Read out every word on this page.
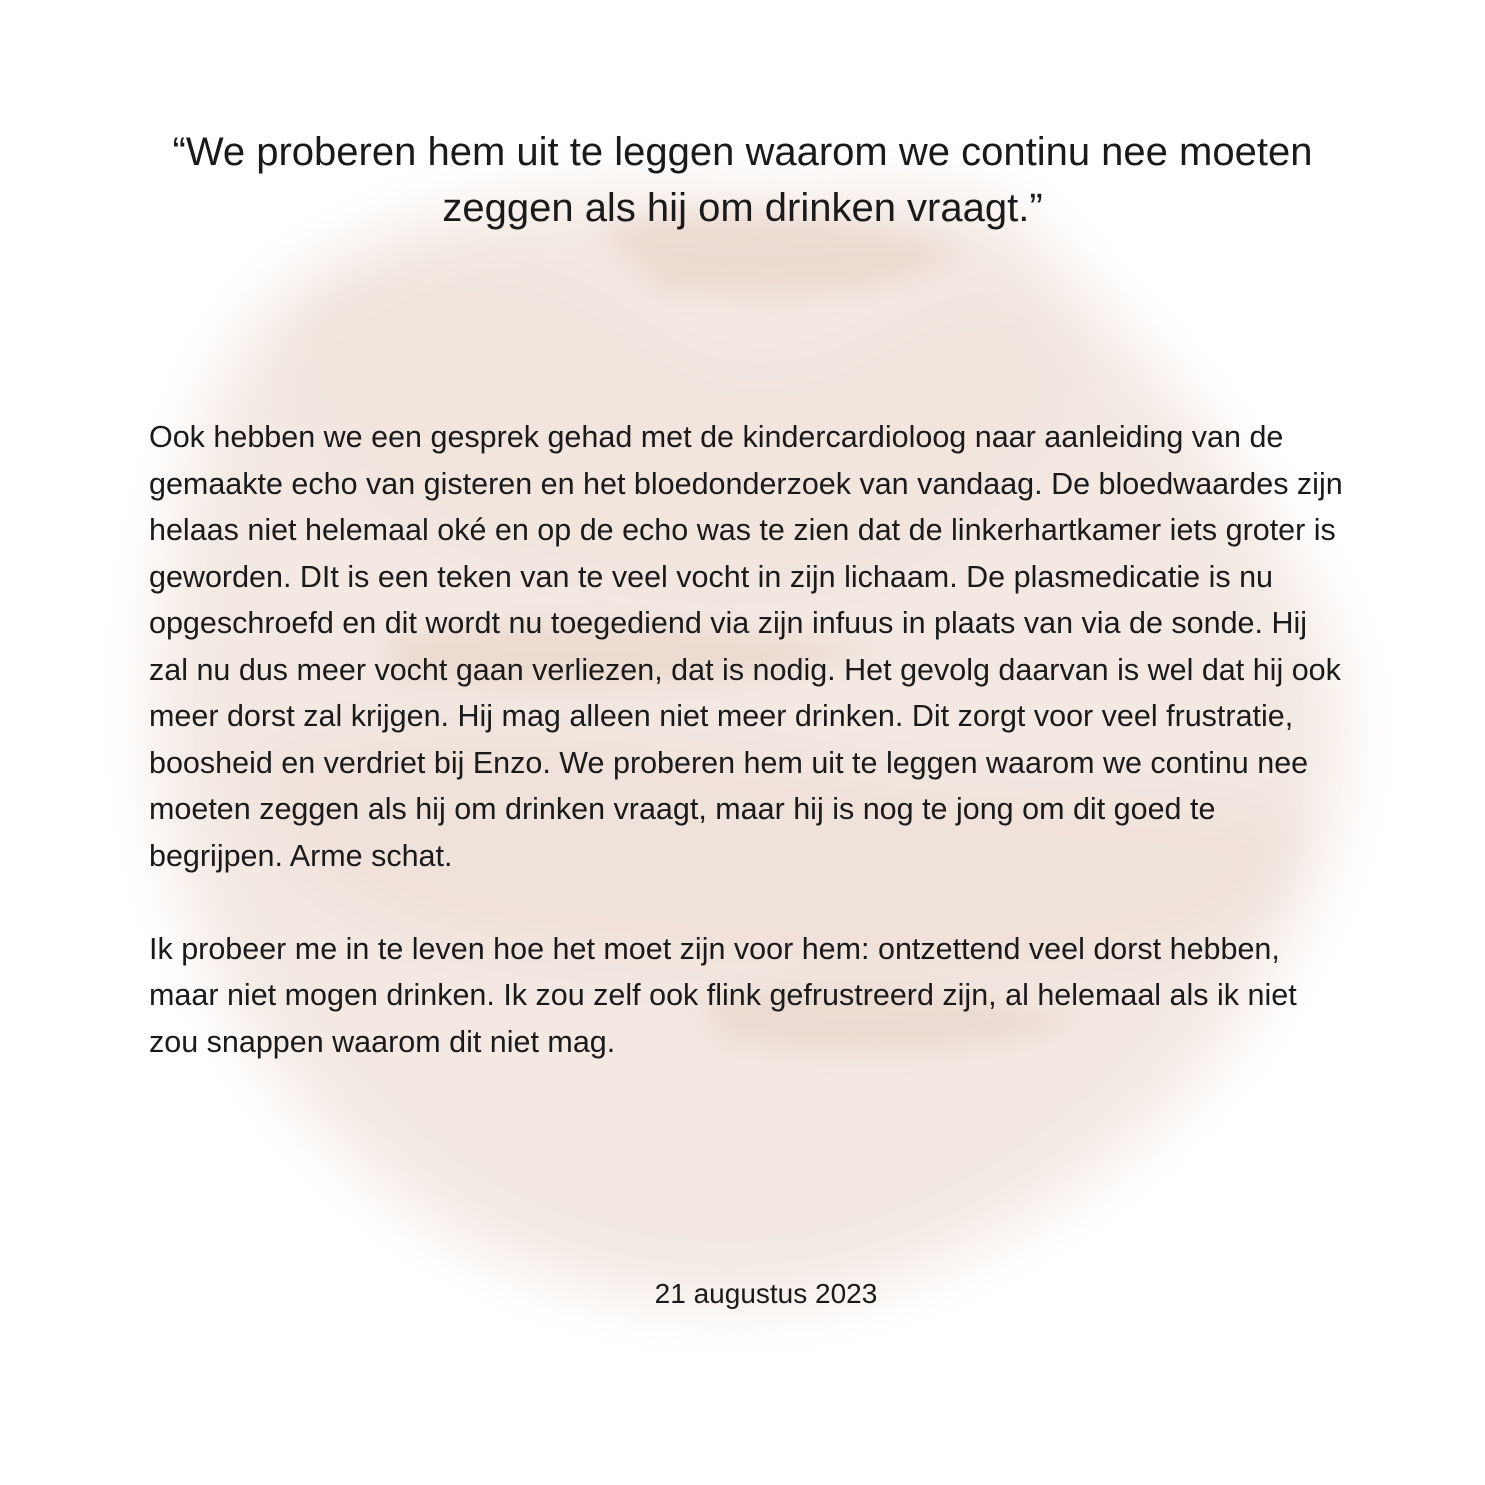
“We proberen hem uit te leggen waarom we continu nee moeten zeggen als hij om drinken vraagt.”

Ook hebben we een gesprek gehad met de kindercardioloog naar aanleiding van de gemaakte echo van gisteren en het bloedonderzoek van vandaag. De bloedwaardes zijn helaas niet helemaal oké en op de echo was te zien dat de linkerhartkamer iets groter is geworden. DIt is een teken van te veel vocht in zijn lichaam. De plasmedicatie is nu opgeschroefd en dit wordt nu toegediend via zijn infuus in plaats van via de sonde. Hij zal nu dus meer vocht gaan verliezen, dat is nodig. Het gevolg daarvan is wel dat hij ook meer dorst zal krijgen. Hij mag alleen niet meer drinken. Dit zorgt voor veel frustratie, boosheid en verdriet bij Enzo. We proberen hem uit te leggen waarom we continu nee moeten zeggen als hij om drinken vraagt, maar hij is nog te jong om dit goed te begrijpen. Arme schat.

Ik probeer me in te leven hoe het moet zijn voor hem: ontzettend veel dorst hebben, maar niet mogen drinken. Ik zou zelf ook flink gefrustreerd zijn, al helemaal als ik niet zou snappen waarom dit niet mag.

21 augustus 2023
